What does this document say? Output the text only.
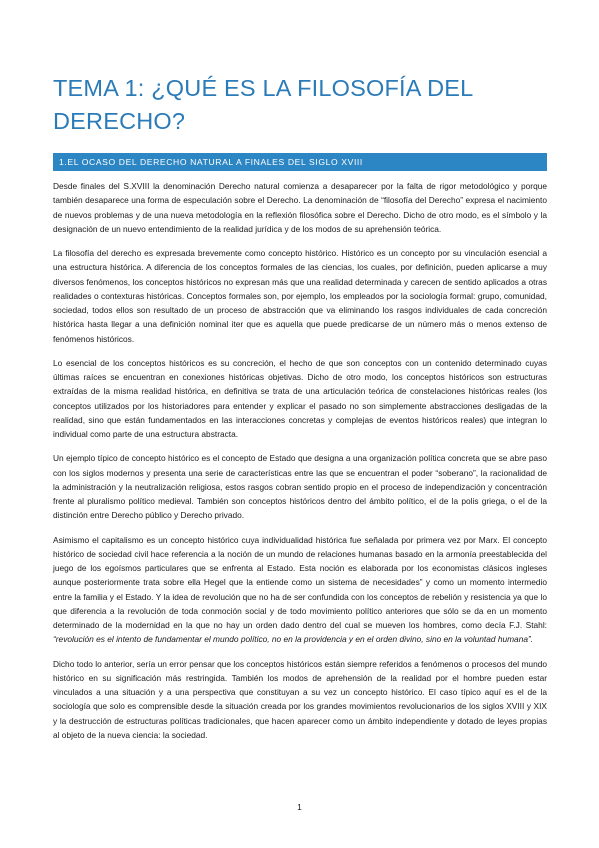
TEMA 1: ¿QUÉ ES LA FILOSOFÍA DEL DERECHO?
1.EL OCASO DEL DERECHO NATURAL A FINALES DEL SIGLO XVIII

Desde finales del S.XVIII la denominación Derecho natural comienza a desaparecer por la falta de rigor metodológico y porque también desaparece una forma de especulación sobre el Derecho. La denominación de “filosofía del Derecho” expresa el nacimiento de nuevos problemas y de una nueva metodología en la reflexión filosófica sobre el Derecho. Dicho de otro modo, es el símbolo y la designación de un nuevo entendimiento de la realidad jurídica y de los modos de su aprehensión teórica.

La filosofía del derecho es expresada brevemente como concepto histórico. Histórico es un concepto por su vinculación esencial a una estructura histórica. A diferencia de los conceptos formales de las ciencias, los cuales, por definición, pueden aplicarse a muy diversos fenómenos, los conceptos históricos no expresan más que una realidad determinada y carecen de sentido aplicados a otras realidades o contexturas históricas. Conceptos formales son, por ejemplo, los empleados por la sociología formal: grupo, comunidad, sociedad, todos ellos son resultado de un proceso de abstracción que va eliminando los rasgos individuales de cada concreción histórica hasta llegar a una definición nominal iter que es aquella que puede predicarse de un número más o menos extenso de fenómenos históricos.

Lo esencial de los conceptos históricos es su concreción, el hecho de que son conceptos con un contenido determinado cuyas últimas raíces se encuentran en conexiones históricas objetivas. Dicho de otro modo, los conceptos históricos son estructuras extraídas de la misma realidad histórica, en definitiva se trata de una articulación teórica de constelaciones históricas reales (los conceptos utilizados por los historiadores para entender y explicar el pasado no son simplemente abstracciones desligadas de la realidad, sino que están fundamentados en las interacciones concretas y complejas de eventos históricos reales) que integran lo individual como parte de una estructura abstracta.

Un ejemplo típico de concepto histórico es el concepto de Estado que designa a una organización política concreta que se abre paso con los siglos modernos y presenta una serie de características entre las que se encuentran el poder “soberano”, la racionalidad de la administración y la neutralización religiosa, estos rasgos cobran sentido propio en el proceso de independización y concentración frente al pluralismo político medieval. También son conceptos históricos dentro del ámbito político, el de la polis griega, o el de la distinción entre Derecho público y Derecho privado.

Asimismo el capitalismo es un concepto histórico cuya individualidad histórica fue señalada por primera vez por Marx. El concepto histórico de sociedad civil hace referencia a la noción de un mundo de relaciones humanas basado en la armonía preestablecida del juego de los egoísmos particulares que se enfrenta al Estado. Esta noción es elaborada por los economistas clásicos ingleses aunque posteriormente trata sobre ella Hegel que la entiende como un sistema de necesidades” y como un momento intermedio entre la familia y el Estado. Y la idea de revolución que no ha de ser confundida con los conceptos de rebelión y resistencia ya que lo que diferencia a la revolución de toda conmoción social y de todo movimiento político anteriores que sólo se da en un momento determinado de la modernidad en la que no hay un orden dado dentro del cual se mueven los hombres, como decía F.J. Stahl: “revolución es el intento de fundamentar el mundo político, no en la providencia y en el orden divino, sino en la voluntad humana”.

Dicho todo lo anterior, sería un error pensar que los conceptos históricos están siempre referidos a fenómenos o procesos del mundo histórico en su significación más restringida. También los modos de aprehensión de la realidad por el hombre pueden estar vinculados a una situación y a una perspectiva que constituyan a su vez un concepto histórico. El caso típico aquí es el de la sociología que solo es comprensible desde la situación creada por los grandes movimientos revolucionarios de los siglos XVIII y XIX y la destrucción de estructuras políticas tradicionales, que hacen aparecer como un ámbito independiente y dotado de leyes propias al objeto de la nueva ciencia: la sociedad.

1
